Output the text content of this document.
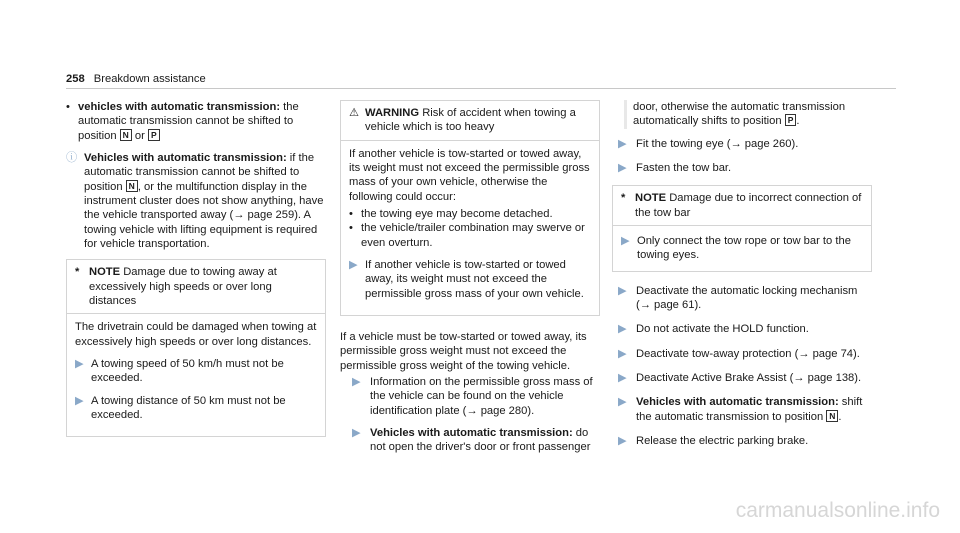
258 Breakdown assistance
• vehicles with automatic transmission: the automatic transmission cannot be shifted to position N or P

ⓘ Vehicles with automatic transmission: if the automatic transmission cannot be shifted to position N , or the multifunction display in the instrument cluster does not show anything, have the vehicle transported away (→ page 259). A towing vehicle with lifting equipment is required for vehicle transportation.

* NOTE Damage due to towing away at excessively high speeds or over long distances

The drivetrain could be damaged when towing at excessively high speeds or over long distances.

▶ A towing speed of 50 km/h must not be exceeded.
▶ A towing distance of 50 km must not be exceeded.
⚠ WARNING Risk of accident when towing a vehicle which is too heavy

If another vehicle is tow-started or towed away, its weight must not exceed the permissible gross mass of your own vehicle, otherwise the following could occur:

• the towing eye may become detached.
• the vehicle/trailer combination may swerve or even overturn.
▶ If another vehicle is tow-started or towed away, its weight must not exceed the permissible gross mass of your own vehicle.

If a vehicle must be tow-started or towed away, its permissible gross weight must not exceed the permissible gross weight of the towing vehicle.

▶ Information on the permissible gross mass of the vehicle can be found on the vehicle identification plate (→ page 280).
▶ Vehicles with automatic transmission: do not open the driver's door or front passenger

door, otherwise the automatic transmission automatically shifts to position P .

▶ Fit the towing eye (→ page 260).
▶ Fasten the tow bar.
* NOTE Damage due to incorrect connection of the tow bar

▶ Only connect the tow rope or tow bar to the towing eyes.
▶ Deactivate the automatic locking mechanism (→ page 61).
▶ Do not activate the HOLD function.
▶ Deactivate tow-away protection (→ page 74).
▶ Deactivate Active Brake Assist (→ page 138).
▶ Vehicles with automatic transmission: shift the automatic transmission to position N .

▶ Release the electric parking brake.
carmanualsonline.info
